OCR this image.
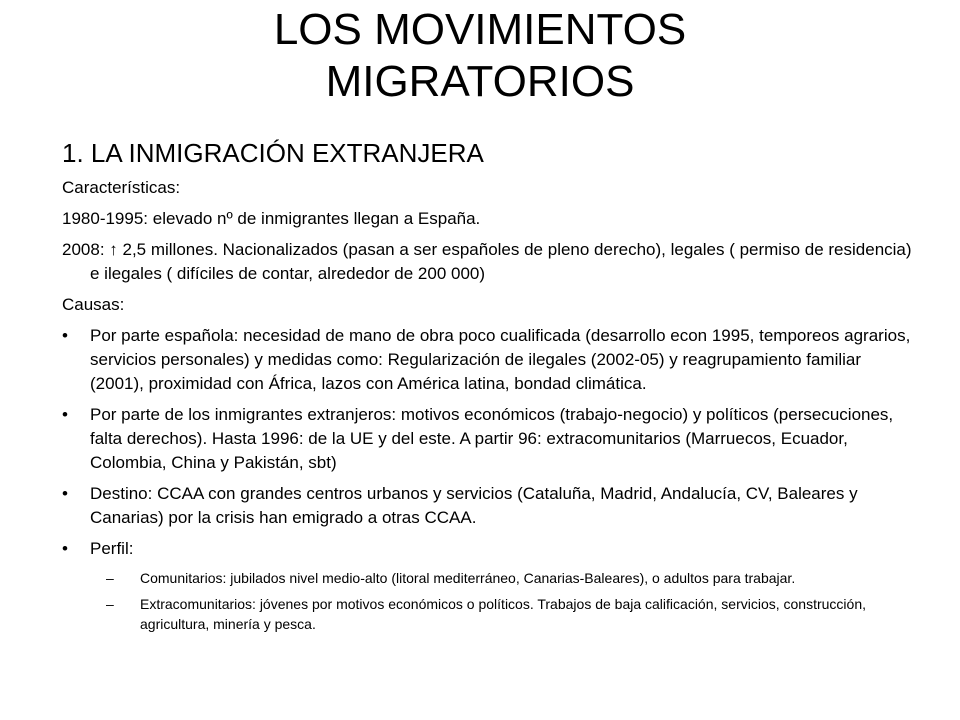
LOS MOVIMIENTOS
MIGRATORIOS

1. LA INMIGRACIÓN EXTRANJERA

Características:

1980-1995: elevado nº de inmigrantes llegan a España.

2008: ↑ 2,5 millones. Nacionalizados (pasan a ser españoles de pleno derecho), legales ( permiso de residencia) e ilegales ( difíciles de contar, alrededor de 200 000)

Causas:

• Por parte española: necesidad de mano de obra poco cualificada (desarrollo econ 1995, temporeos agrarios, servicios personales) y medidas como: Regularización de ilegales (2002-05) y reagrupamiento familiar (2001), proximidad con África, lazos con América latina, bondad climática.
• Por parte de los inmigrantes extranjeros: motivos económicos (trabajo-negocio) y políticos (persecuciones, falta derechos). Hasta 1996: de la UE y del este. A partir 96: extracomunitarios (Marruecos, Ecuador, Colombia, China y Pakistán, sbt)
• Destino: CCAA con grandes centros urbanos y servicios (Cataluña, Madrid, Andalucía, CV, Baleares y Canarias) por la crisis han emigrado a otras CCAA.
• Perfil:
– Comunitarios: jubilados nivel medio-alto (litoral mediterráneo, Canarias-Baleares), o adultos para trabajar.
– Extracomunitarios: jóvenes por motivos económicos o políticos. Trabajos de baja calificación, servicios, construcción, agricultura, minería y pesca.
